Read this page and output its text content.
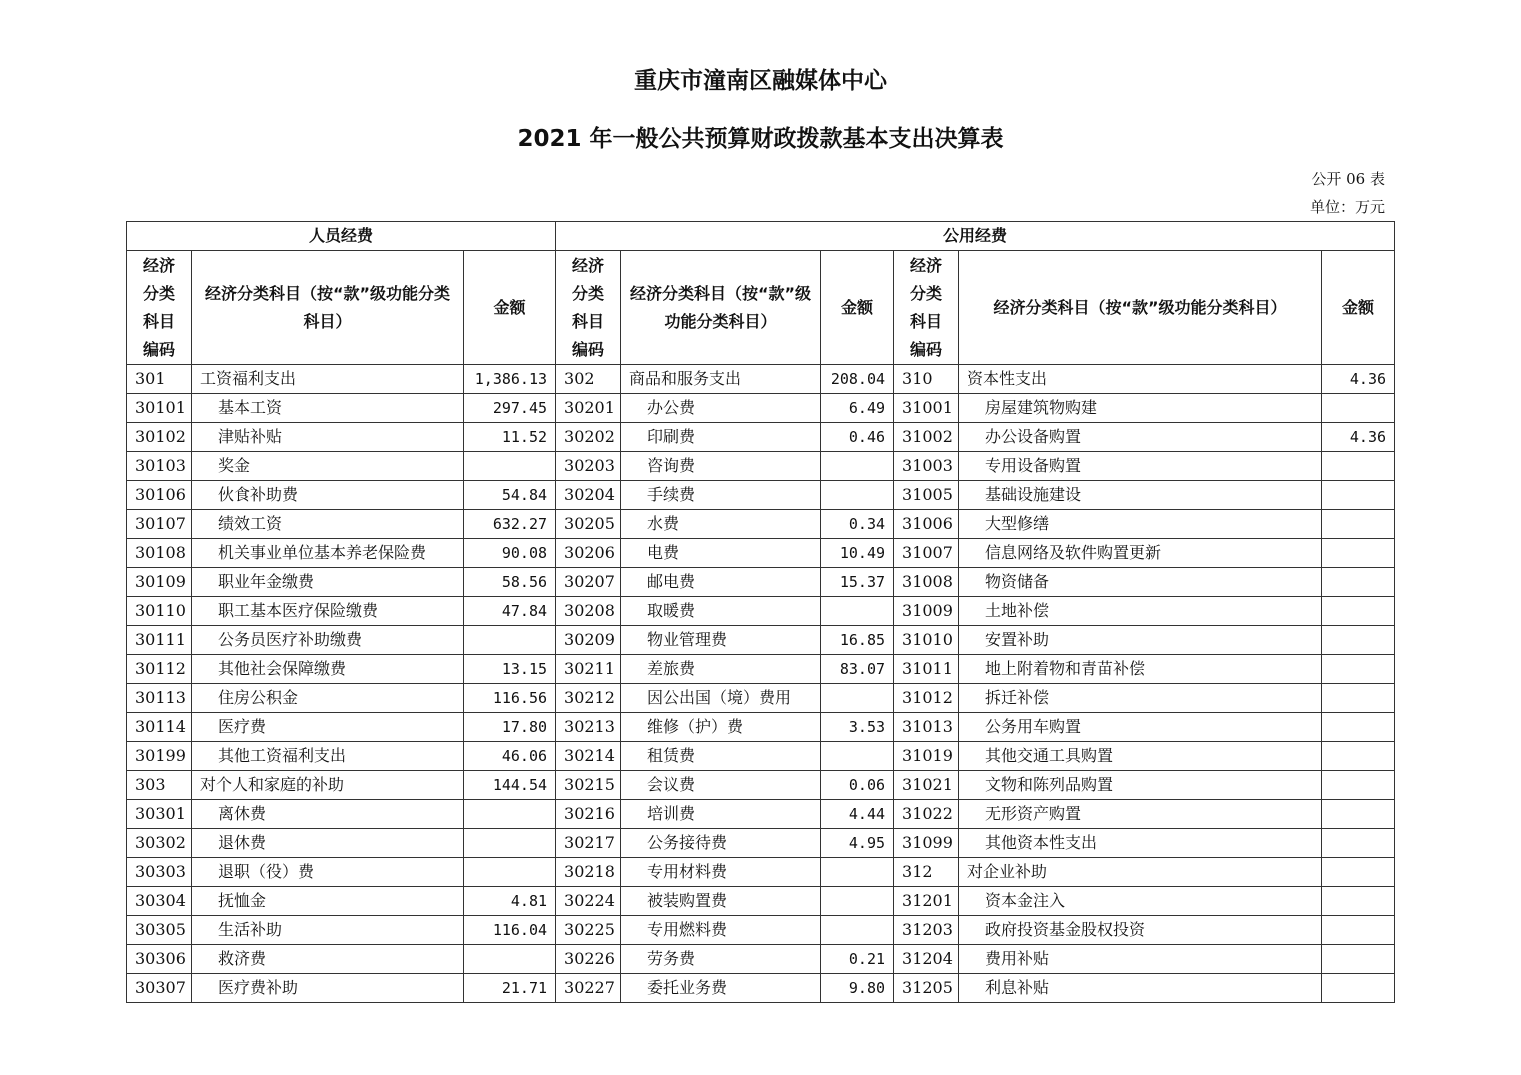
重庆市潼南区融媒体中心
2021 年一般公共预算财政拨款基本支出决算表
公开 06 表
单位：万元
人员经费			公用经费					
经济分类科目编码	经济分类科目（按“款”级功能分类科目）	金额	经济分类科目编码	经济分类科目（按“款”级功能分类科目）	金额	经济分类科目编码	经济分类科目（按“款”级功能分类科目）	金额
301	工资福利支出	1,386.13	302	商品和服务支出	208.04	310	资本性支出	4.36
30101	基本工资	297.45	30201	办公费	6.49	31001	房屋建筑物购建	
30102	津贴补贴	11.52	30202	印刷费	0.46	31002	办公设备购置	4.36
30103	奖金		30203	咨询费		31003	专用设备购置	
30106	伙食补助费	54.84	30204	手续费		31005	基础设施建设	
30107	绩效工资	632.27	30205	水费	0.34	31006	大型修缮	
30108	机关事业单位基本养老保险费	90.08	30206	电费	10.49	31007	信息网络及软件购置更新	
30109	职业年金缴费	58.56	30207	邮电费	15.37	31008	物资储备	
30110	职工基本医疗保险缴费	47.84	30208	取暖费		31009	土地补偿	
30111	公务员医疗补助缴费		30209	物业管理费	16.85	31010	安置补助	
30112	其他社会保障缴费	13.15	30211	差旅费	83.07	31011	地上附着物和青苗补偿	
30113	住房公积金	116.56	30212	因公出国（境）费用		31012	拆迁补偿	
30114	医疗费	17.80	30213	维修（护）费	3.53	31013	公务用车购置	
30199	其他工资福利支出	46.06	30214	租赁费		31019	其他交通工具购置	
303	对个人和家庭的补助	144.54	30215	会议费	0.06	31021	文物和陈列品购置	
30301	离休费		30216	培训费	4.44	31022	无形资产购置	
30302	退休费		30217	公务接待费	4.95	31099	其他资本性支出	
30303	退职（役）费		30218	专用材料费		312	对企业补助	
30304	抚恤金	4.81	30224	被装购置费		31201	资本金注入	
30305	生活补助	116.04	30225	专用燃料费		31203	政府投资基金股权投资	
30306	救济费		30226	劳务费	0.21	31204	费用补贴	
30307	医疗费补助	21.71	30227	委托业务费	9.80	31205	利息补贴	
